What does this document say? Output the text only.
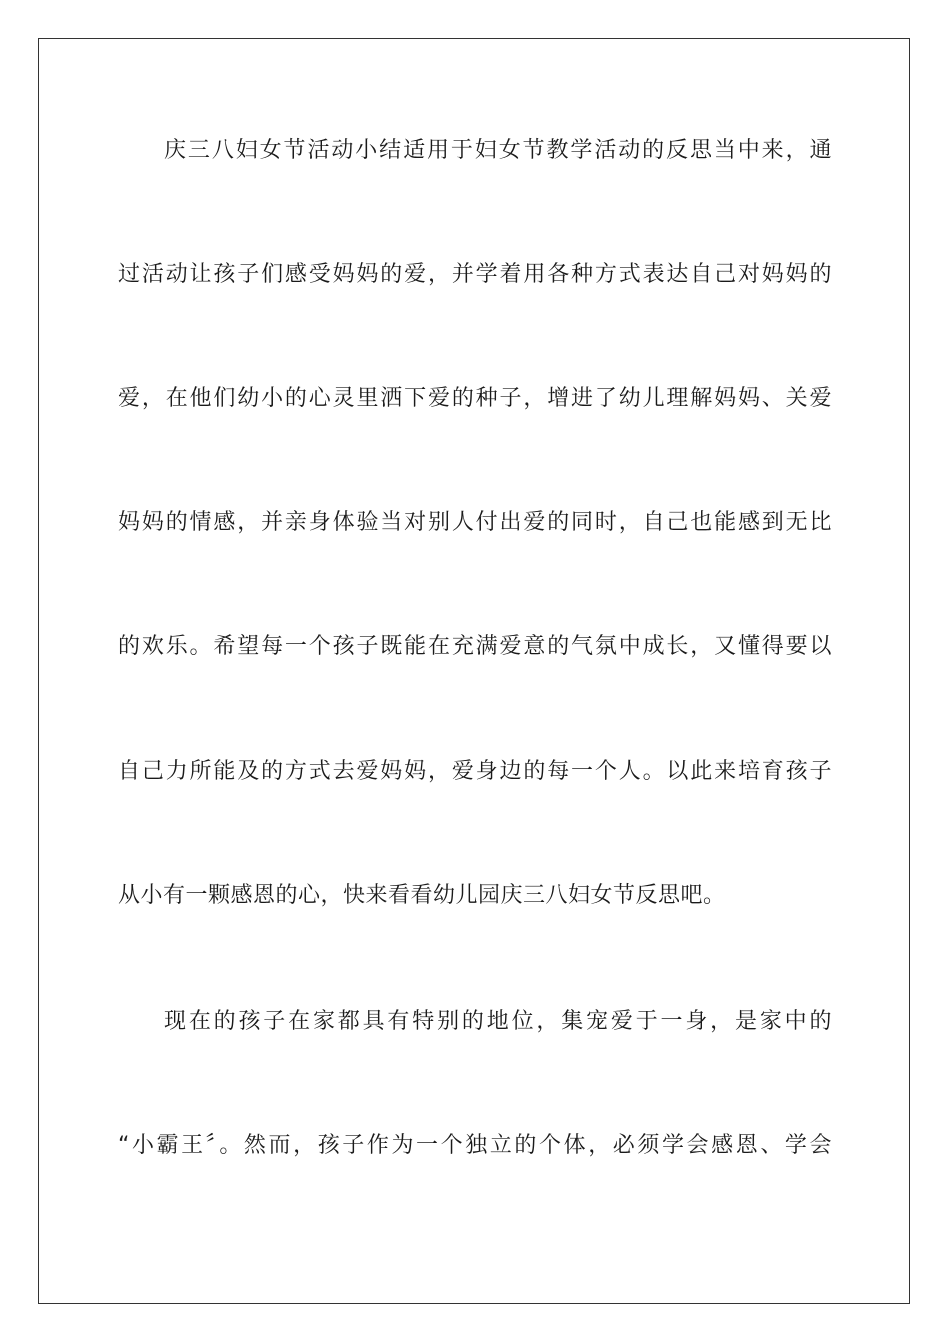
庆三八妇女节活动小结适用于妇女节教学活动的反思当中来，通
过活动让孩子们感受妈妈的爱，并学着用各种方式表达自己对妈妈的
爱，在他们幼小的心灵里洒下爱的种子，增进了幼儿理解妈妈、关爱
妈妈的情感，并亲身体验当对别人付出爱的同时，自己也能感到无比
的欢乐。希望每一个孩子既能在充满爱意的气氛中成长，又懂得要以
自己力所能及的方式去爱妈妈，爱身边的每一个人。以此来培育孩子
从小有一颗感恩的心，快来看看幼儿园庆三八妇女节反思吧。
现在的孩子在家都具有特别的地位，集宠爱于一身，是家中的
“小霸王〞。然而，孩子作为一个独立的个体，必须学会感恩、学会
